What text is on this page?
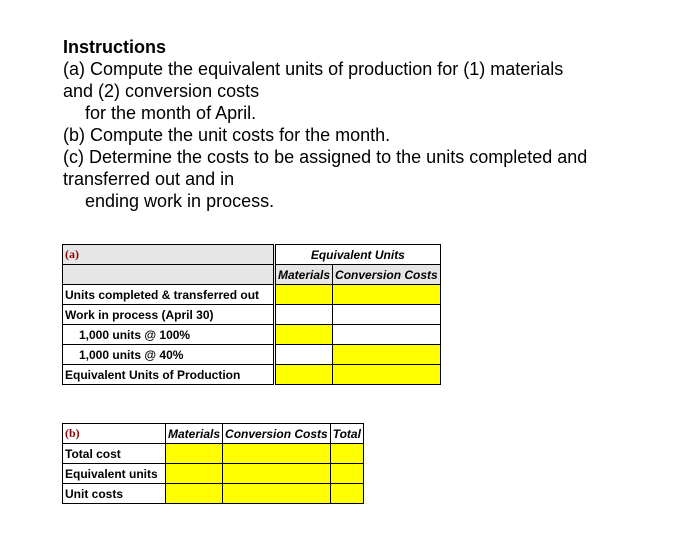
Instructions
(a) Compute the equivalent units of production for (1) materials
and (2) conversion costs
for the month of April.
(b) Compute the unit costs for the month.
(c) Determine the costs to be assigned to the units completed and
transferred out and in
ending work in process.
(a)	Equivalent Units	
	Materials	Conversion Costs
Units completed & transferred out		
Work in process (April 30)		
1,000 units @ 100%		
1,000 units @ 40%		
Equivalent Units of Production		
(b)	Materials	Conversion Costs	Total
Total cost			
Equivalent units			
Unit costs			
